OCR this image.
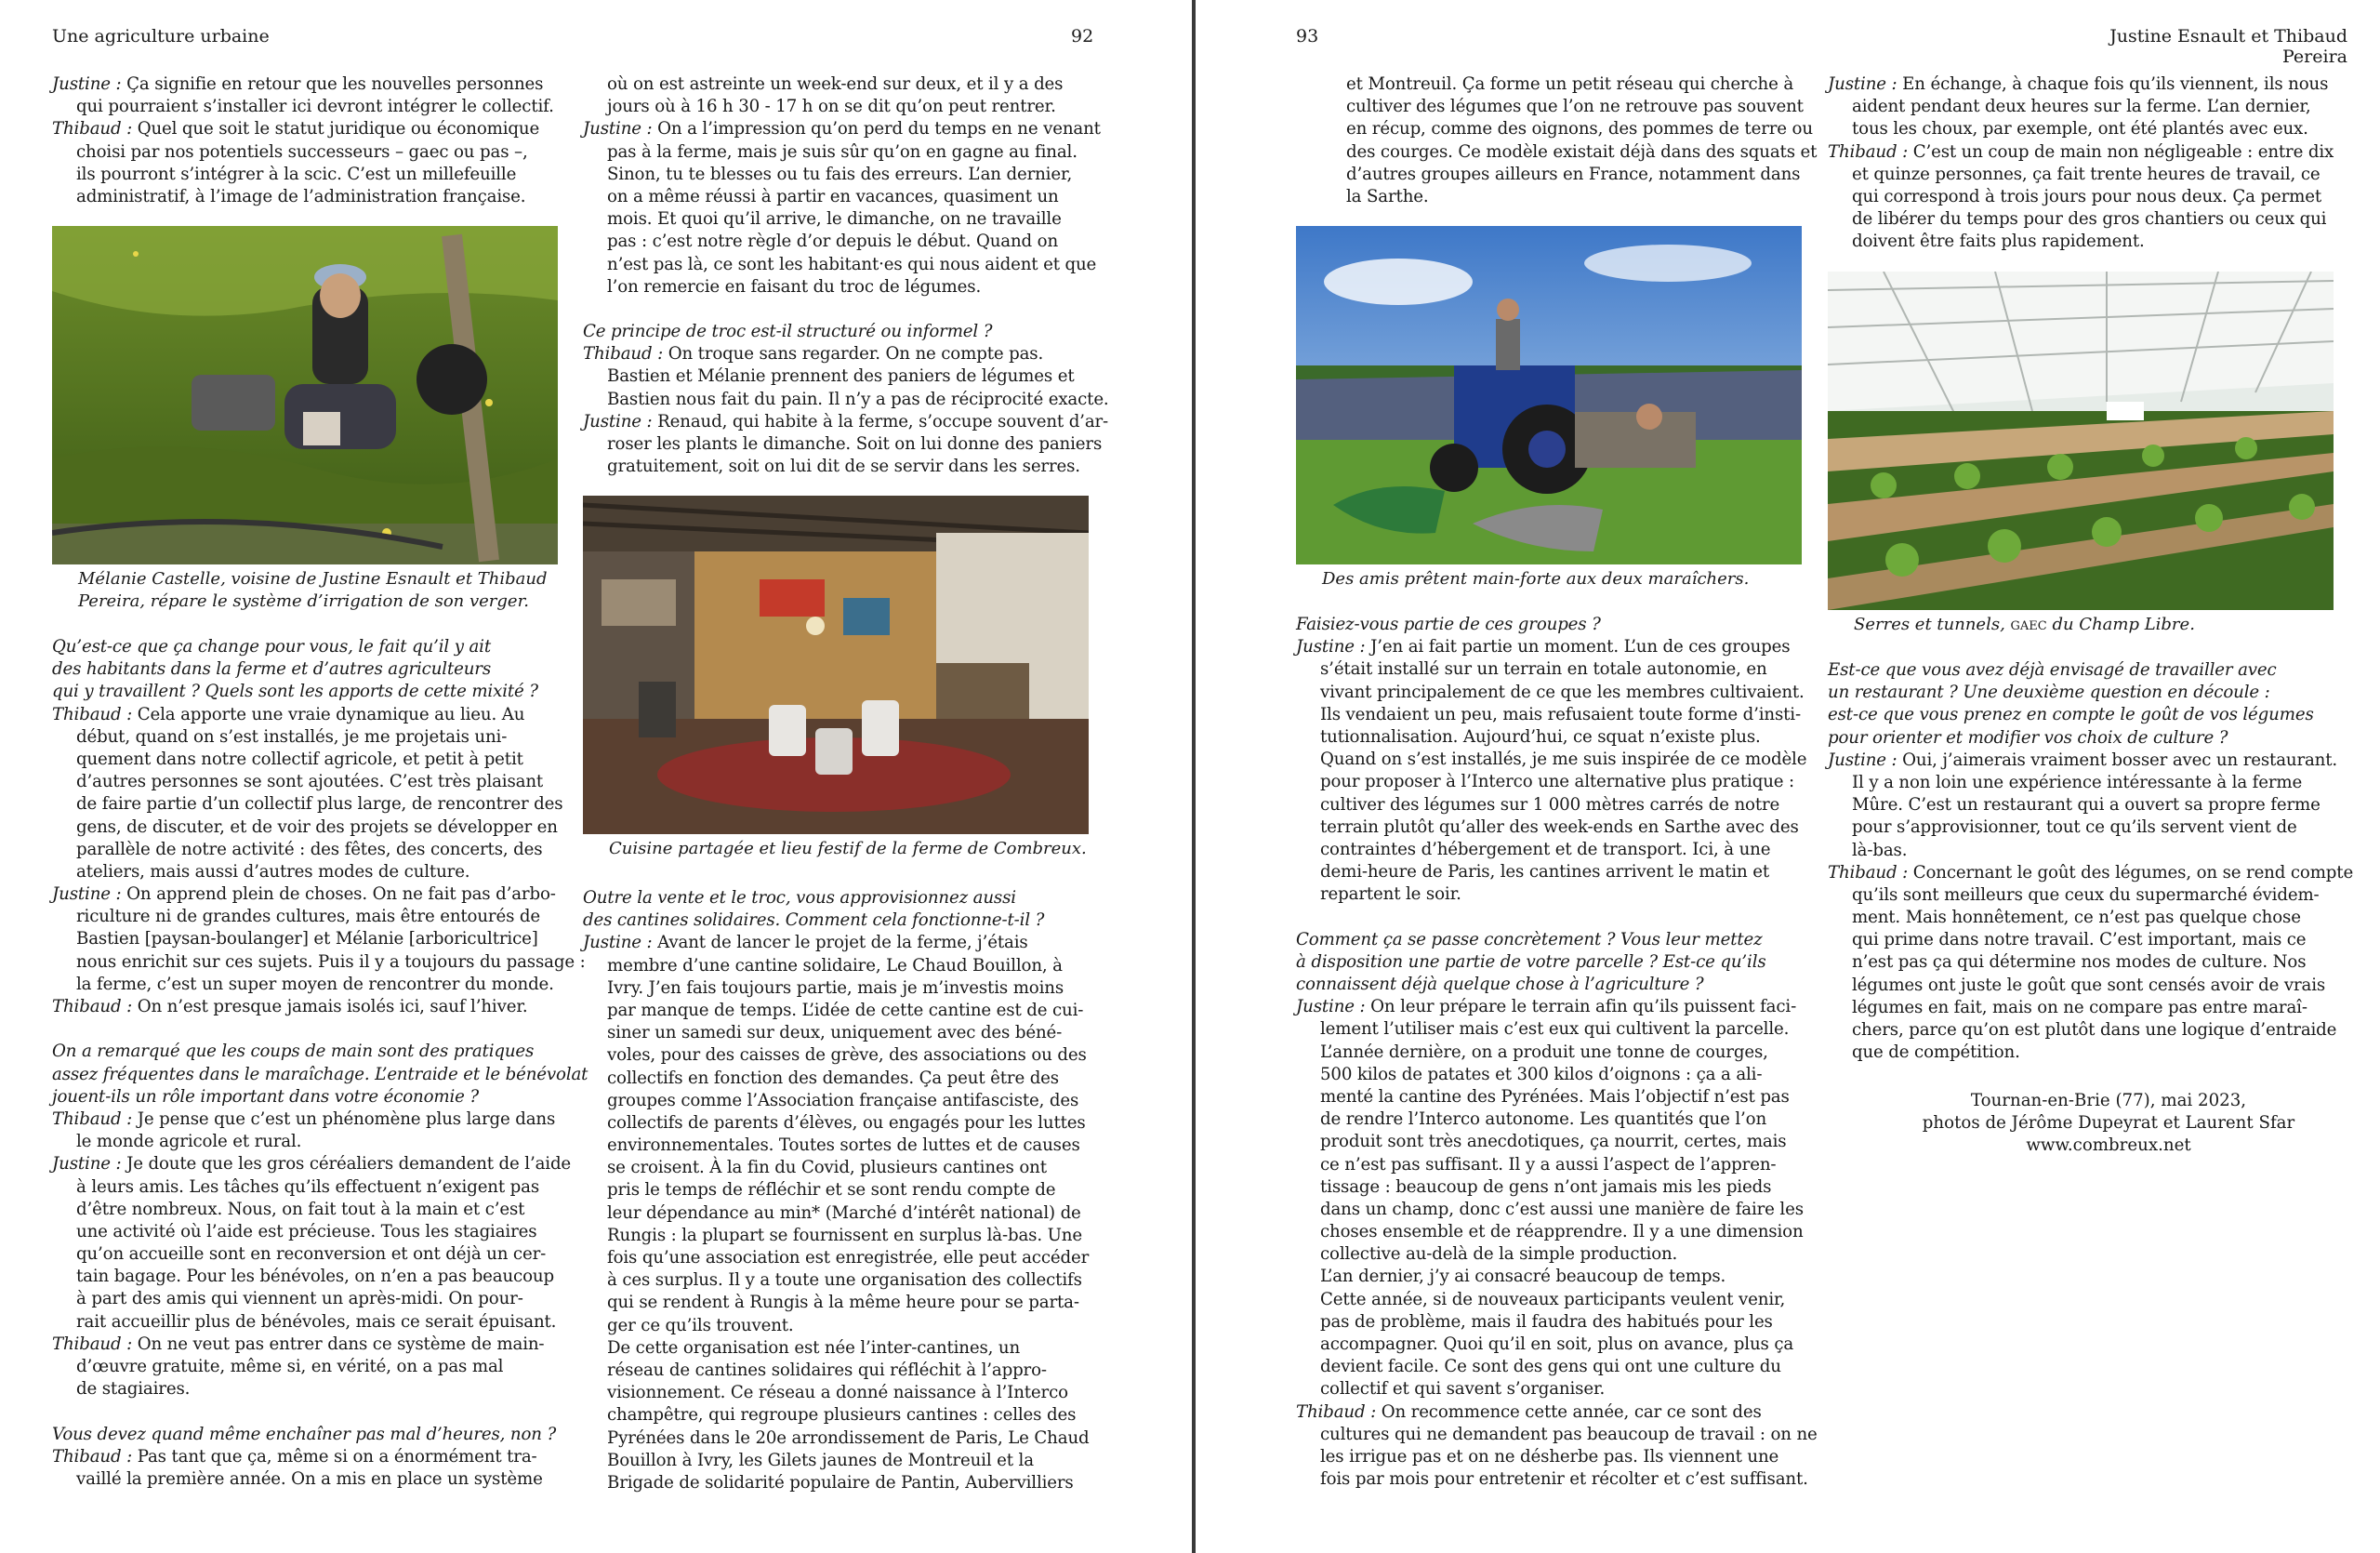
Une agriculture urbaine	92
Justine : Ça signifie en retour que les nouvelles personnes
qui pourraient s’installer ici devront intégrer le collectif.
Thibaud : Quel que soit le statut juridique ou économique
choisi par nos potentiels successeurs – gaec ou pas –,
ils pourront s’intégrer à la scic. C’est un millefeuille
administratif, à l’image de l’administration française.
Mélanie Castelle, voisine de Justine Esnault et Thibaud
Pereira, répare le système d’irrigation de son verger.
Qu’est-ce que ça change pour vous, le fait qu’il y ait
des habitants dans la ferme et d’autres agriculteurs
qui y travaillent ? Quels sont les apports de cette mixité ?
Thibaud : Cela apporte une vraie dynamique au lieu. Au
début, quand on s’est installés, je me projetais uni-
quement dans notre collectif agricole, et petit à petit
d’autres personnes se sont ajoutées. C’est très plaisant
de faire partie d’un collectif plus large, de rencontrer des
gens, de discuter, et de voir des projets se développer en
parallèle de notre activité : des fêtes, des concerts, des
ateliers, mais aussi d’autres modes de culture.
Justine : On apprend plein de choses. On ne fait pas d’arbo-
riculture ni de grandes cultures, mais être entourés de
Bastien [paysan-boulanger] et Mélanie [arboricultrice]
nous enrichit sur ces sujets. Puis il y a toujours du passage :
la ferme, c’est un super moyen de rencontrer du monde.
Thibaud : On n’est presque jamais isolés ici, sauf l’hiver.
On a remarqué que les coups de main sont des pratiques
assez fréquentes dans le maraîchage. L’entraide et le bénévolat
jouent-ils un rôle important dans votre économie ?
Thibaud : Je pense que c’est un phénomène plus large dans
le monde agricole et rural.
Justine : Je doute que les gros céréaliers demandent de l’aide
à leurs amis. Les tâches qu’ils effectuent n’exigent pas
d’être nombreux. Nous, on fait tout à la main et c’est
une activité où l’aide est précieuse. Tous les stagiaires
qu’on accueille sont en reconversion et ont déjà un cer-
tain bagage. Pour les bénévoles, on n’en a pas beaucoup
à part des amis qui viennent un après-midi. On pour-
rait accueillir plus de bénévoles, mais ce serait épuisant.
Thibaud : On ne veut pas entrer dans ce système de main-
d’œuvre gratuite, même si, en vérité, on a pas mal
de stagiaires.
Vous devez quand même enchaîner pas mal d’heures, non ?
Thibaud : Pas tant que ça, même si on a énormément tra-
vaillé la première année. On a mis en place un système
où on est astreinte un week-end sur deux, et il y a des
jours où à 16 h 30 - 17 h on se dit qu’on peut rentrer.
Justine : On a l’impression qu’on perd du temps en ne venant
pas à la ferme, mais je suis sûr qu’on en gagne au final.
Sinon, tu te blesses ou tu fais des erreurs. L’an dernier,
on a même réussi à partir en vacances, quasiment un
mois. Et quoi qu’il arrive, le dimanche, on ne travaille
pas : c’est notre règle d’or depuis le début. Quand on
n’est pas là, ce sont les habitant·es qui nous aident et que
l’on remercie en faisant du troc de légumes.
Ce principe de troc est-il structuré ou informel ?
Thibaud : On troque sans regarder. On ne compte pas.
Bastien et Mélanie prennent des paniers de légumes et
Bastien nous fait du pain. Il n’y a pas de réciprocité exacte.
Justine : Renaud, qui habite à la ferme, s’occupe souvent d’ar-
roser les plants le dimanche. Soit on lui donne des paniers
gratuitement, soit on lui dit de se servir dans les serres.
Cuisine partagée et lieu festif de la ferme de Combreux.
Outre la vente et le troc, vous approvisionnez aussi
des cantines solidaires. Comment cela fonctionne-t-il ?
Justine : Avant de lancer le projet de la ferme, j’étais
membre d’une cantine solidaire, Le Chaud Bouillon, à
Ivry. J’en fais toujours partie, mais je m’investis moins
par manque de temps. L’idée de cette cantine est de cui-
siner un samedi sur deux, uniquement avec des béné-
voles, pour des caisses de grève, des associations ou des
collectifs en fonction des demandes. Ça peut être des
groupes comme l’Association française antifasciste, des
collectifs de parents d’élèves, ou engagés pour les luttes
environnementales. Toutes sortes de luttes et de causes
se croisent. À la fin du Covid, plusieurs cantines ont
pris le temps de réfléchir et se sont rendu compte de
leur dépendance au min* (Marché d’intérêt national) de
Rungis : la plupart se fournissent en surplus là-bas. Une
fois qu’une association est enregistrée, elle peut accéder
à ces surplus. Il y a toute une organisation des collectifs
qui se rendent à Rungis à la même heure pour se parta-
ger ce qu’ils trouvent.
De cette organisation est née l’inter-cantines, un
réseau de cantines solidaires qui réfléchit à l’appro-
visionnement. Ce réseau a donné naissance à l’Interco
champêtre, qui regroupe plusieurs cantines : celles des
Pyrénées dans le 20e arrondissement de Paris, Le Chaud
Bouillon à Ivry, les Gilets jaunes de Montreuil et la
Brigade de solidarité populaire de Pantin, Aubervilliers
93	Justine Esnault et Thibaud Pereira
et Montreuil. Ça forme un petit réseau qui cherche à
cultiver des légumes que l’on ne retrouve pas souvent
en récup, comme des oignons, des pommes de terre ou
des courges. Ce modèle existait déjà dans des squats et
d’autres groupes ailleurs en France, notamment dans
la Sarthe.
Des amis prêtent main-forte aux deux maraîchers.
Faisiez-vous partie de ces groupes ?
Justine : J’en ai fait partie un moment. L’un de ces groupes
s’était installé sur un terrain en totale autonomie, en
vivant principalement de ce que les membres cultivaient.
Ils vendaient un peu, mais refusaient toute forme d’insti-
tutionnalisation. Aujourd’hui, ce squat n’existe plus.
Quand on s’est installés, je me suis inspirée de ce modèle
pour proposer à l’Interco une alternative plus pratique :
cultiver des légumes sur 1 000 mètres carrés de notre
terrain plutôt qu’aller des week-ends en Sarthe avec des
contraintes d’hébergement et de transport. Ici, à une
demi-heure de Paris, les cantines arrivent le matin et
repartent le soir.
Comment ça se passe concrètement ? Vous leur mettez
à disposition une partie de votre parcelle ? Est-ce qu’ils
connaissent déjà quelque chose à l’agriculture ?
Justine : On leur prépare le terrain afin qu’ils puissent faci-
lement l’utiliser mais c’est eux qui cultivent la parcelle.
L’année dernière, on a produit une tonne de courges,
500 kilos de patates et 300 kilos d’oignons : ça a ali-
menté la cantine des Pyrénées. Mais l’objectif n’est pas
de rendre l’Interco autonome. Les quantités que l’on
produit sont très anecdotiques, ça nourrit, certes, mais
ce n’est pas suffisant. Il y a aussi l’aspect de l’appren-
tissage : beaucoup de gens n’ont jamais mis les pieds
dans un champ, donc c’est aussi une manière de faire les
choses ensemble et de réapprendre. Il y a une dimension
collective au-delà de la simple production.
L’an dernier, j’y ai consacré beaucoup de temps.
Cette année, si de nouveaux participants veulent venir,
pas de problème, mais il faudra des habitués pour les
accompagner. Quoi qu’il en soit, plus on avance, plus ça
devient facile. Ce sont des gens qui ont une culture du
collectif et qui savent s’organiser.
Thibaud : On recommence cette année, car ce sont des
cultures qui ne demandent pas beaucoup de travail : on ne
les irrigue pas et on ne désherbe pas. Ils viennent une
fois par mois pour entretenir et récolter et c’est suffisant.
Justine : En échange, à chaque fois qu’ils viennent, ils nous
aident pendant deux heures sur la ferme. L’an dernier,
tous les choux, par exemple, ont été plantés avec eux.
Thibaud : C’est un coup de main non négligeable : entre dix
et quinze personnes, ça fait trente heures de travail, ce
qui correspond à trois jours pour nous deux. Ça permet
de libérer du temps pour des gros chantiers ou ceux qui
doivent être faits plus rapidement.
Serres et tunnels, gaec du Champ Libre.
Est-ce que vous avez déjà envisagé de travailler avec
un restaurant ? Une deuxième question en découle :
est-ce que vous prenez en compte le goût de vos légumes
pour orienter et modifier vos choix de culture ?
Justine : Oui, j’aimerais vraiment bosser avec un restaurant.
Il y a non loin une expérience intéressante à la ferme
Mûre. C’est un restaurant qui a ouvert sa propre ferme
pour s’approvisionner, tout ce qu’ils servent vient de
là-bas.
Thibaud : Concernant le goût des légumes, on se rend compte
qu’ils sont meilleurs que ceux du supermarché évidem-
ment. Mais honnêtement, ce n’est pas quelque chose
qui prime dans notre travail. C’est important, mais ce
n’est pas ça qui détermine nos modes de culture. Nos
légumes ont juste le goût que sont censés avoir de vrais
légumes en fait, mais on ne compare pas entre maraî-
chers, parce qu’on est plutôt dans une logique d’entraide
que de compétition.
Tournan-en-Brie (77), mai 2023,
photos de Jérôme Dupeyrat et Laurent Sfar
www.combreux.net
